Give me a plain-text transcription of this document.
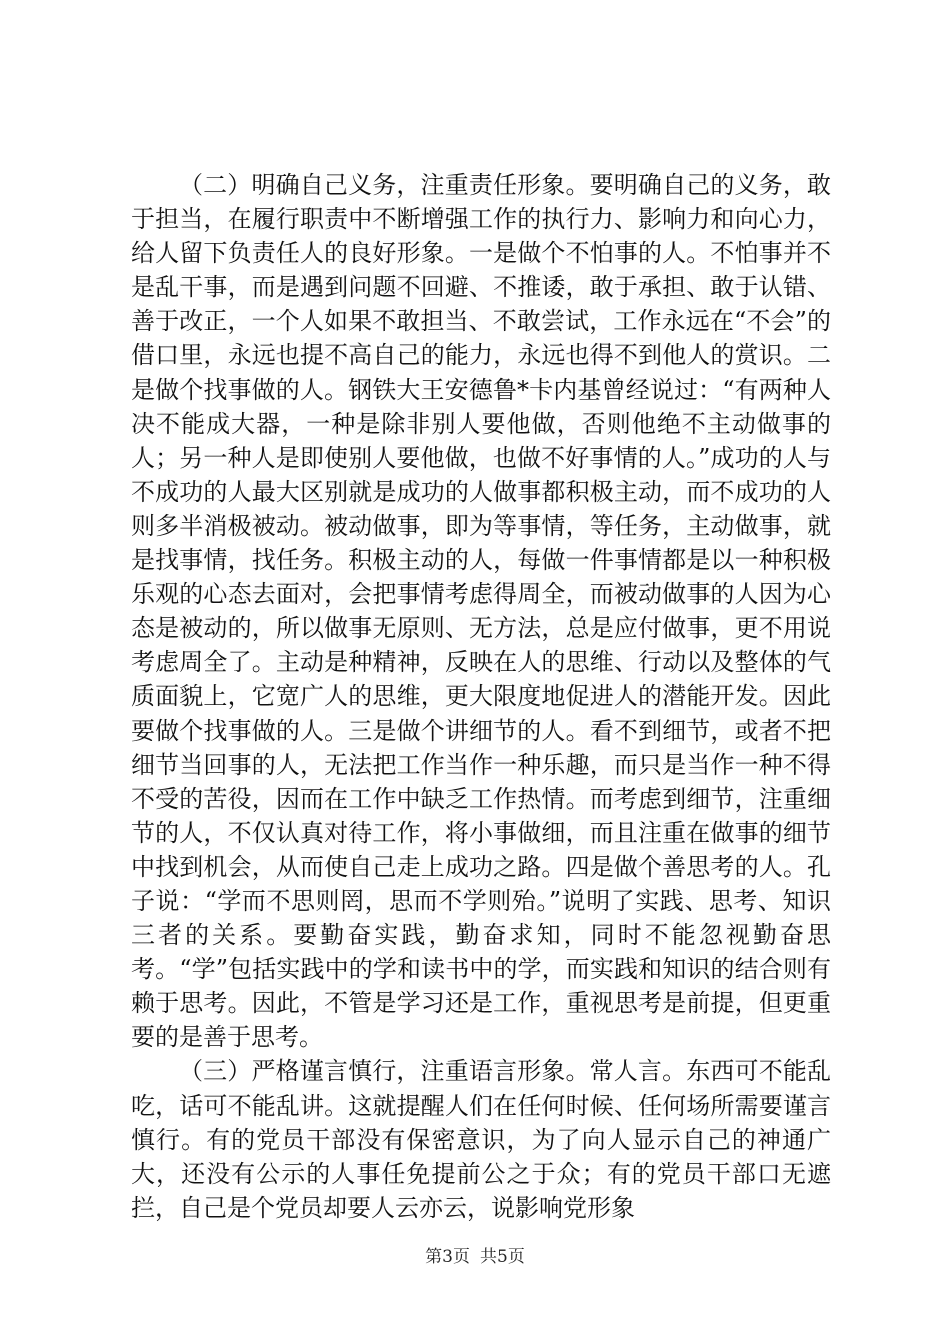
（二）明确自己义务，注重责任形象。要明确自己的义务，敢于担当，在履行职责中不断增强工作的执行力、影响力和向心力，给人留下负责任人的良好形象。一是做个不怕事的人。不怕事并不是乱干事，而是遇到问题不回避、不推诿，敢于承担、敢于认错、善于改正，一个人如果不敢担当、不敢尝试，工作永远在“不会”的借口里，永远也提不高自己的能力，永远也得不到他人的赏识。二是做个找事做的人。钢铁大王安德鲁*卡内基曾经说过：“有两种人决不能成大器，一种是除非别人要他做，否则他绝不主动做事的人；另一种人是即使别人要他做，也做不好事情的人。”成功的人与不成功的人最大区别就是成功的人做事都积极主动，而不成功的人则多半消极被动。被动做事，即为等事情，等任务，主动做事，就是找事情，找任务。积极主动的人，每做一件事情都是以一种积极乐观的心态去面对，会把事情考虑得周全，而被动做事的人因为心态是被动的，所以做事无原则、无方法，总是应付做事，更不用说考虑周全了。主动是种精神，反映在人的思维、行动以及整体的气质面貌上，它宽广人的思维，更大限度地促进人的潜能开发。因此要做个找事做的人。三是做个讲细节的人。看不到细节，或者不把细节当回事的人，无法把工作当作一种乐趣，而只是当作一种不得不受的苦役，因而在工作中缺乏工作热情。而考虑到细节，注重细节的人，不仅认真对待工作，将小事做细，而且注重在做事的细节中找到机会，从而使自己走上成功之路。四是做个善思考的人。孔子说：“学而不思则罔，思而不学则殆。”说明了实践、思考、知识三者的关系。要勤奋实践，勤奋求知，同时不能忽视勤奋思考。“学”包括实践中的学和读书中的学，而实践和知识的结合则有赖于思考。因此，不管是学习还是工作，重视思考是前提，但更重要的是善于思考。

（三）严格谨言慎行，注重语言形象。常人言。东西可不能乱吃，话可不能乱讲。这就提醒人们在任何时候、任何场所需要谨言慎行。有的党员干部没有保密意识，为了向人显示自己的神通广大，还没有公示的人事任免提前公之于众；有的党员干部口无遮拦，自己是个党员却要人云亦云，说影响党形象

第3页 共5页
